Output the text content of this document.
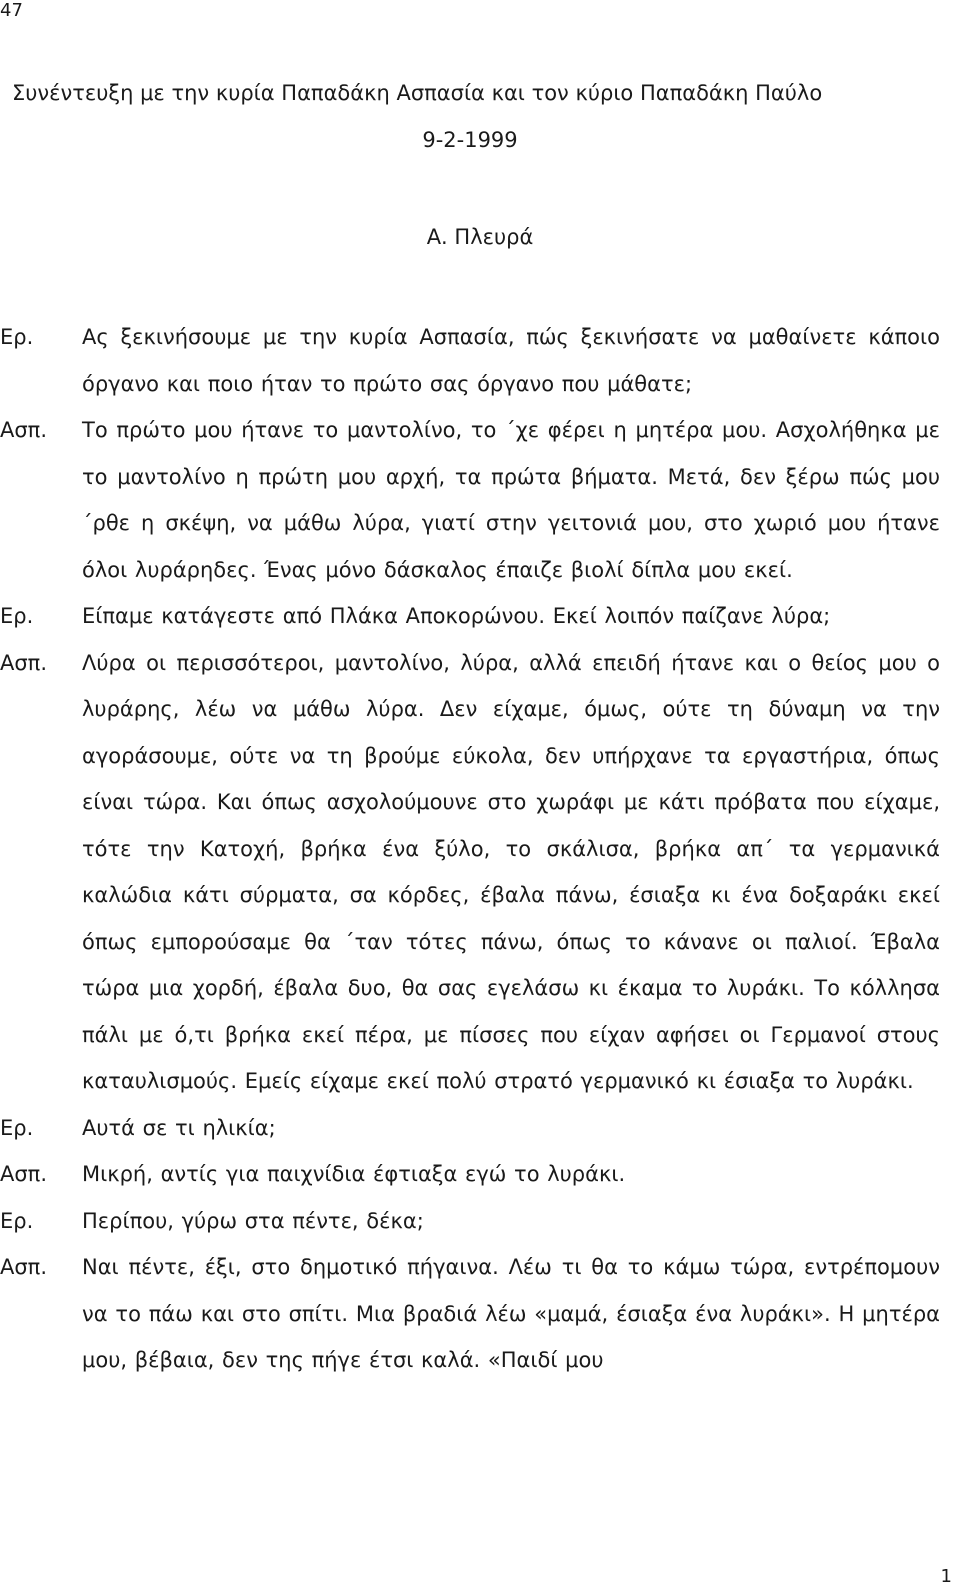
47
Συνέντευξη με την κυρία Παπαδάκη Ασπασία και τον κύριο Παπαδάκη Παύλο
9-2-1999
Α. Πλευρά
Ερ.	Ας ξεκινήσουμε με την κυρία Ασπασία, πώς ξεκινήσατε να μαθαίνετε κάποιο όργανο και ποιο ήταν το πρώτο σας όργανο που μάθατε;
Ασπ.	Το πρώτο μου ήτανε το μαντολίνο, το ΄χε φέρει η μητέρα μου. Ασχολήθηκα με το μαντολίνο η πρώτη μου αρχή, τα πρώτα βήματα. Μετά, δεν ξέρω πώς μου ΄ρθε η σκέψη, να μάθω λύρα, γιατί στην γειτονιά μου, στο χωριό μου ήτανε όλοι λυράρηδες. Ένας μόνο δάσκαλος έπαιζε βιολί δίπλα μου εκεί.
Ερ.	Είπαμε κατάγεστε από Πλάκα Αποκορώνου. Εκεί λοιπόν παίζανε λύρα;
Ασπ.	Λύρα οι περισσότεροι, μαντολίνο, λύρα, αλλά επειδή ήτανε και ο θείος μου ο λυράρης, λέω να μάθω λύρα. Δεν είχαμε, όμως, ούτε τη δύναμη να την αγοράσουμε, ούτε να τη βρούμε εύκολα, δεν υπήρχανε τα εργαστήρια, όπως είναι τώρα. Και όπως ασχολούμουνε στο χωράφι με κάτι πρόβατα που είχαμε, τότε την Κατοχή, βρήκα ένα ξύλο, το σκάλισα, βρήκα απ΄ τα γερμανικά καλώδια κάτι σύρματα, σα κόρδες, έβαλα πάνω, έσιαξα κι ένα δοξαράκι εκεί όπως εμπορούσαμε θα ΄ταν τότες πάνω, όπως το κάνανε οι παλιοί. Έβαλα τώρα μια χορδή, έβαλα δυο, θα σας εγελάσω κι έκαμα το λυράκι. Το κόλλησα πάλι με ό,τι βρήκα εκεί πέρα, με πίσσες που είχαν αφήσει οι Γερμανοί στους καταυλισμούς. Εμείς είχαμε εκεί πολύ στρατό γερμανικό κι έσιαξα το λυράκι.
Ερ.	Αυτά σε τι ηλικία;
Ασπ.	Μικρή, αντίς για παιχνίδια έφτιαξα εγώ το λυράκι.
Ερ.	Περίπου, γύρω στα πέντε, δέκα;
Ασπ.	Ναι πέντε, έξι, στο δημοτικό πήγαινα. Λέω τι θα το κάμω τώρα, εντρέπομουν να το πάω και στο σπίτι. Μια βραδιά λέω «μαμά, έσιαξα ένα λυράκι». Η μητέρα μου, βέβαια, δεν της πήγε έτσι καλά. «Παιδί μου
1
